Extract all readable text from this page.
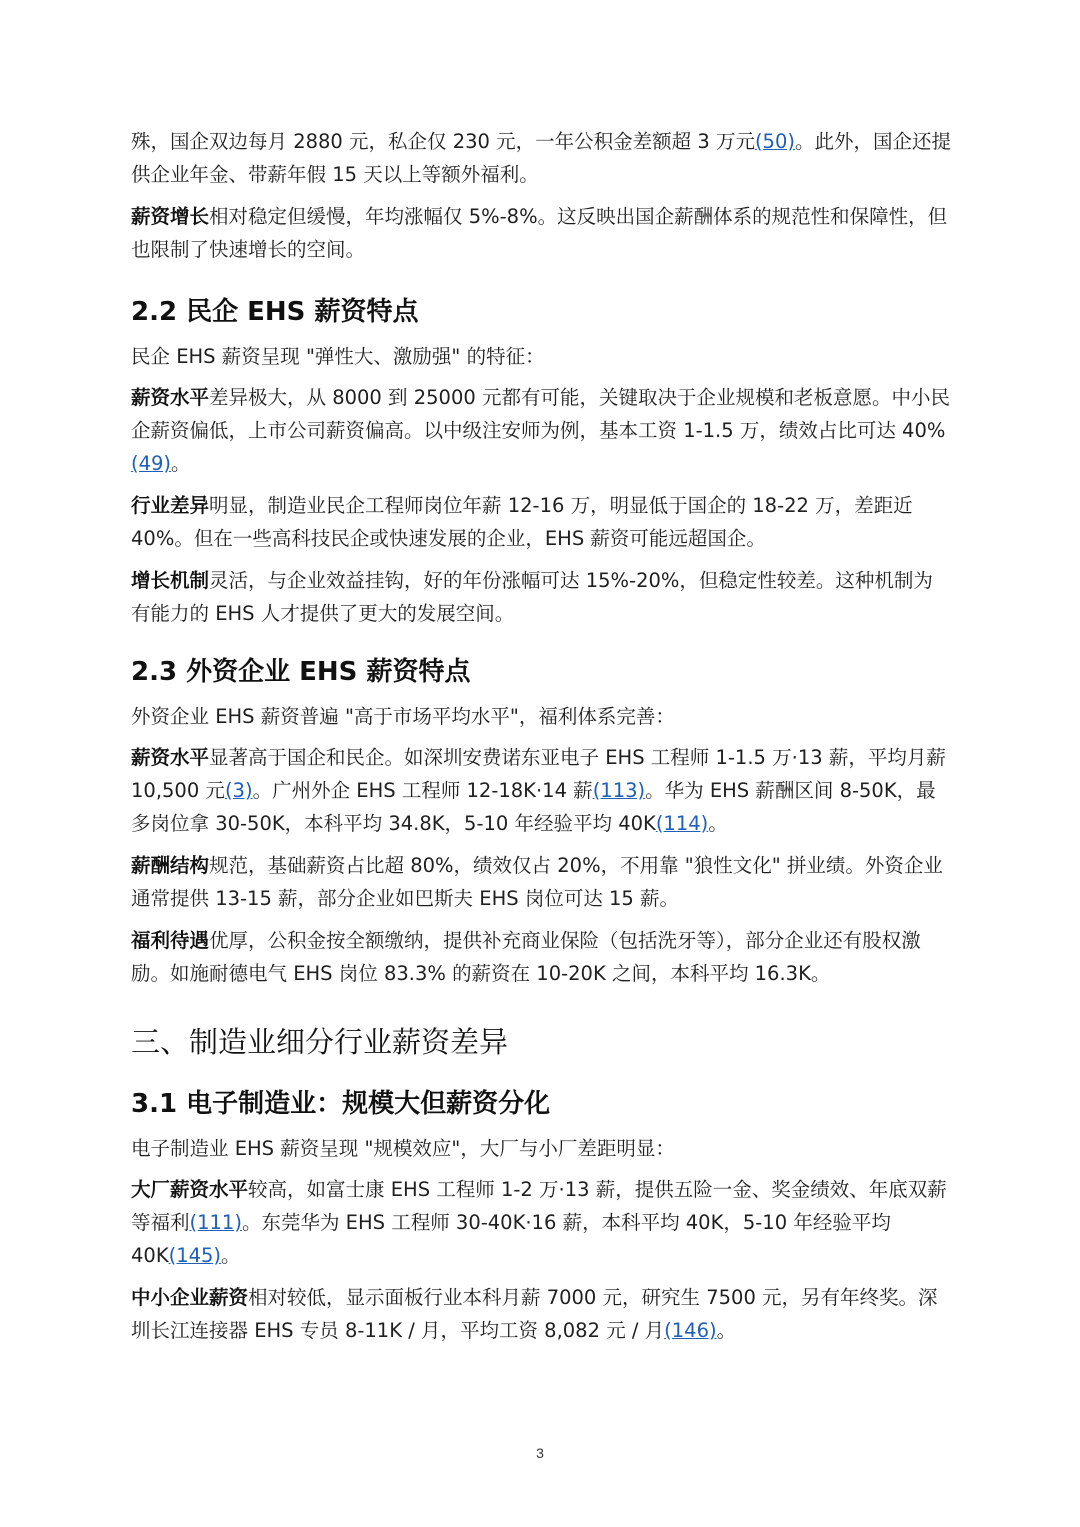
殊，国企双边每月 2880 元，私企仅 230 元，一年公积金差额超 3 万元(50)。此外，国企还提供企业年金、带薪年假 15 天以上等额外福利。

薪资增长相对稳定但缓慢，年均涨幅仅 5%-8%。这反映出国企薪酬体系的规范性和保障性，但也限制了快速增长的空间。

2.2 民企 EHS 薪资特点

民企 EHS 薪资呈现 "弹性大、激励强" 的特征：

薪资水平差异极大，从 8000 到 25000 元都有可能，关键取决于企业规模和老板意愿。中小民企薪资偏低，上市公司薪资偏高。以中级注安师为例，基本工资 1-1.5 万，绩效占比可达 40%(49)。

行业差异明显，制造业民企工程师岗位年薪 12-16 万，明显低于国企的 18-22 万，差距近 40%。但在一些高科技民企或快速发展的企业，EHS 薪资可能远超国企。

增长机制灵活，与企业效益挂钩，好的年份涨幅可达 15%-20%，但稳定性较差。这种机制为有能力的 EHS 人才提供了更大的发展空间。

2.3 外资企业 EHS 薪资特点

外资企业 EHS 薪资普遍 "高于市场平均水平"，福利体系完善：

薪资水平显著高于国企和民企。如深圳安费诺东亚电子 EHS 工程师 1-1.5 万·13 薪，平均月薪 10,500 元(3)。广州外企 EHS 工程师 12-18K·14 薪(113)。华为 EHS 薪酬区间 8-50K，最多岗位拿 30-50K，本科平均 34.8K，5-10 年经验平均 40K(114)。

薪酬结构规范，基础薪资占比超 80%，绩效仅占 20%，不用靠 "狼性文化" 拼业绩。外资企业通常提供 13-15 薪，部分企业如巴斯夫 EHS 岗位可达 15 薪。

福利待遇优厚，公积金按全额缴纳，提供补充商业保险（包括洗牙等），部分企业还有股权激励。如施耐德电气 EHS 岗位 83.3% 的薪资在 10-20K 之间，本科平均 16.3K。

三、制造业细分行业薪资差异
3.1 电子制造业：规模大但薪资分化

电子制造业 EHS 薪资呈现 "规模效应"，大厂与小厂差距明显：

大厂薪资水平较高，如富士康 EHS 工程师 1-2 万·13 薪，提供五险一金、奖金绩效、年底双薪等福利(111)。东莞华为 EHS 工程师 30-40K·16 薪，本科平均 40K，5-10 年经验平均 40K(145)。

中小企业薪资相对较低，显示面板行业本科月薪 7000 元，研究生 7500 元，另有年终奖。深圳长江连接器 EHS 专员 8-11K / 月，平均工资 8,082 元 / 月(146)。

3
